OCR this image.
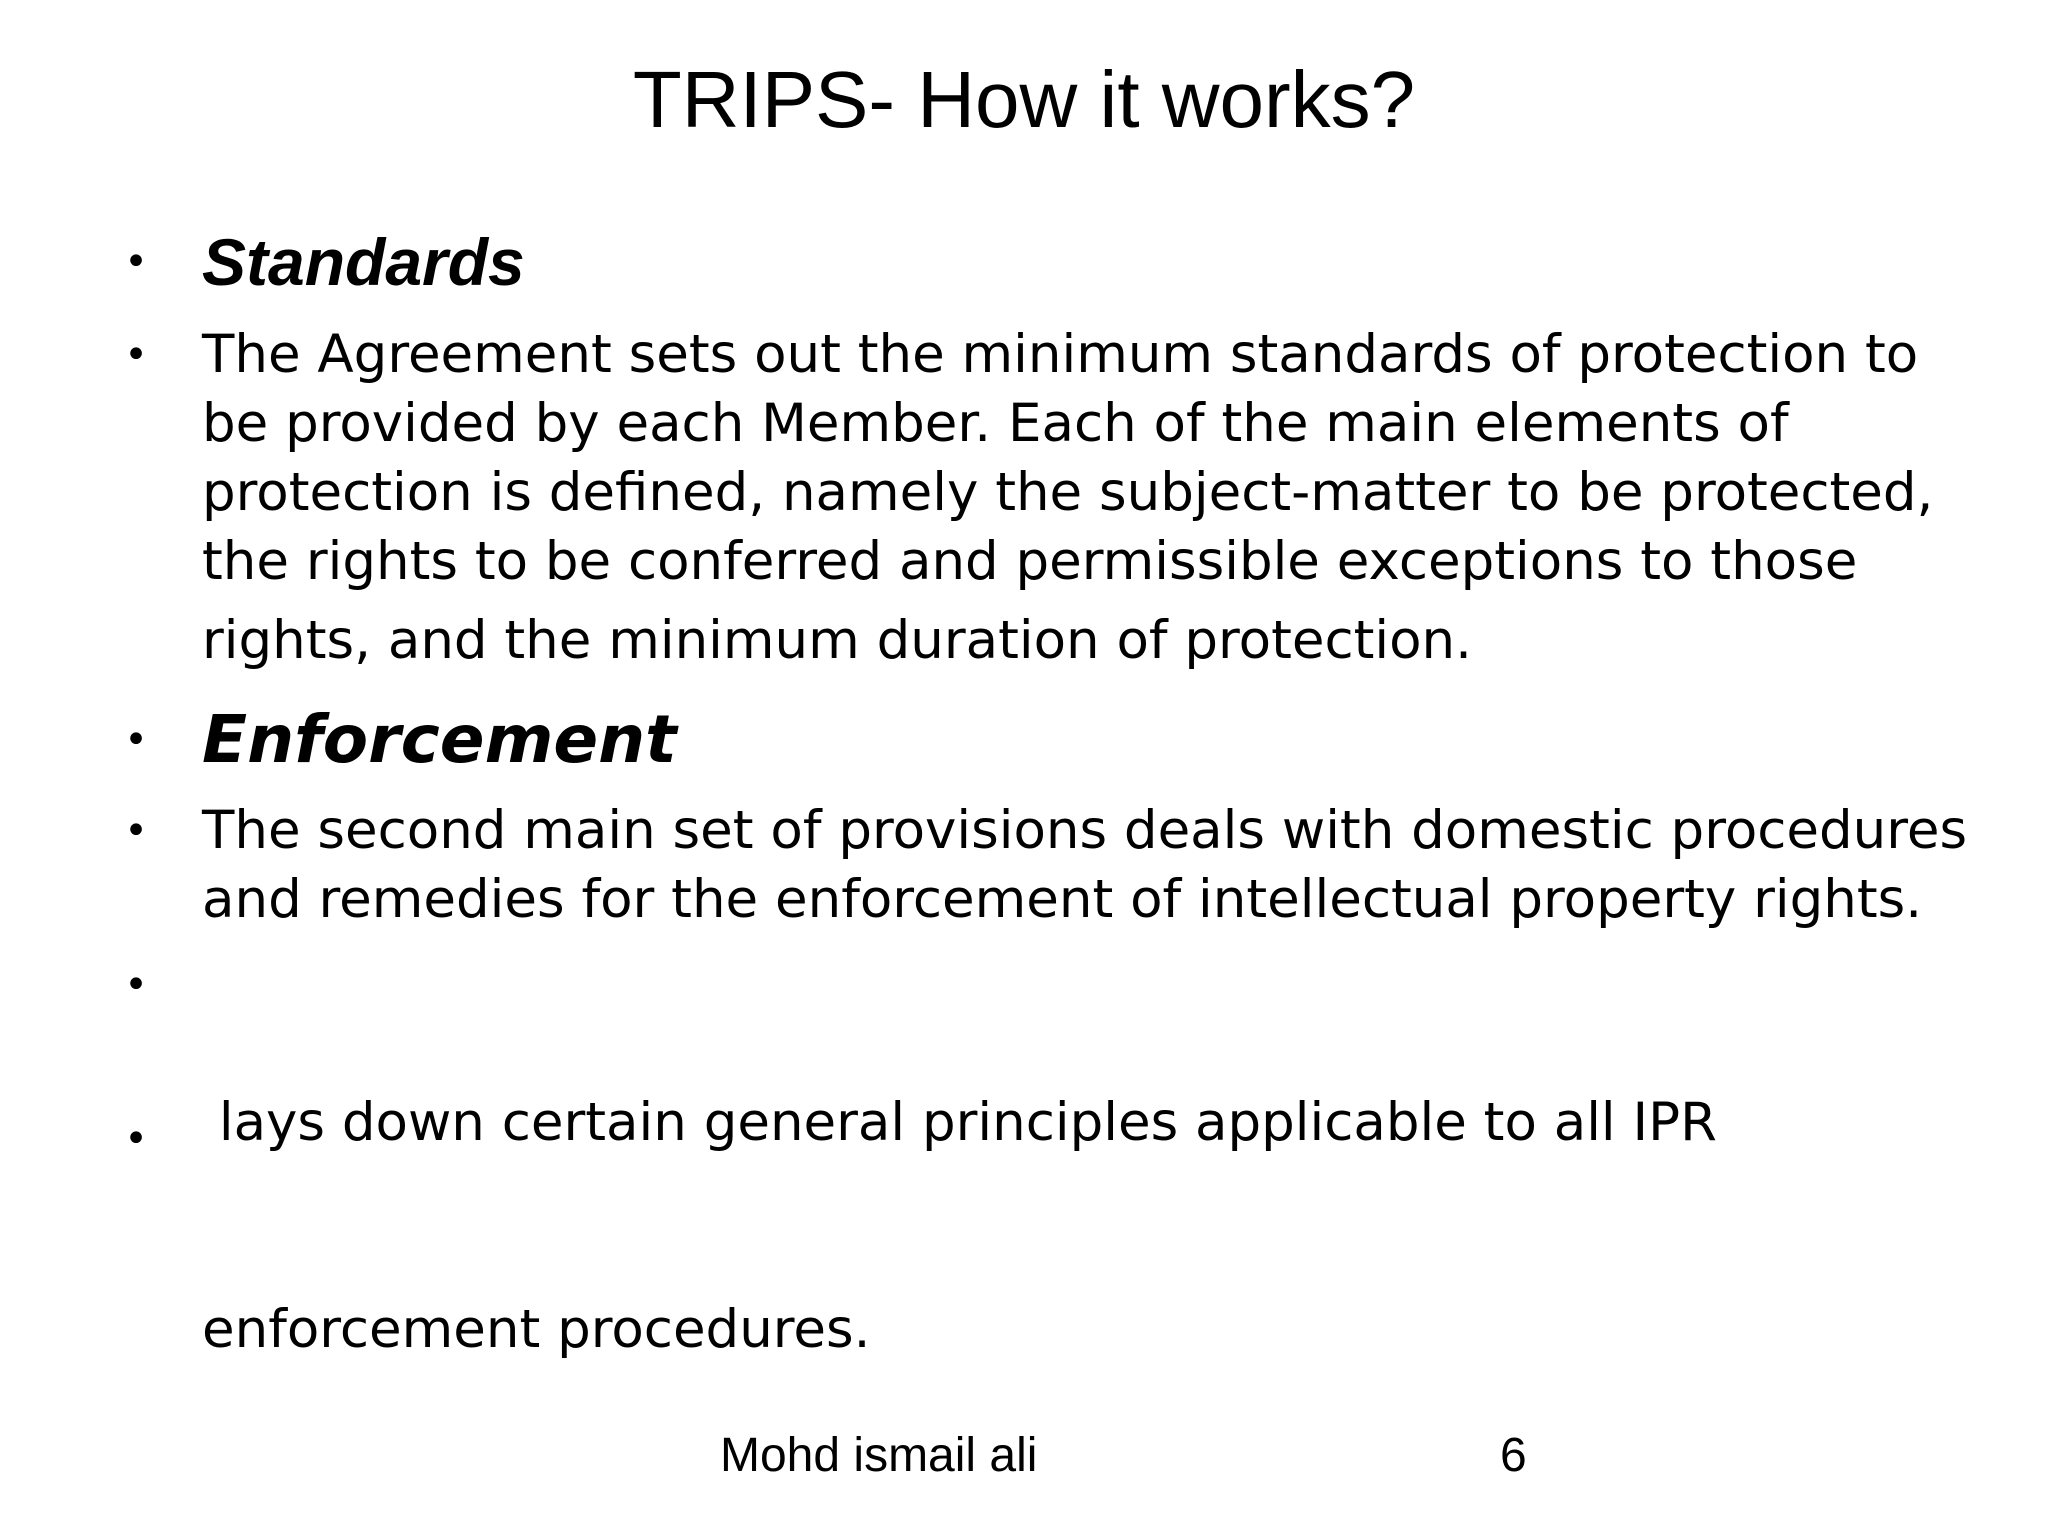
TRIPS- How it works?
• Standards
• The Agreement sets out the minimum standards of protection to
be provided by each Member. Each of the main elements of
protection is defined, namely the subject-matter to be protected,
the rights to be conferred and permissible exceptions to those
rights, and the minimum duration of protection.
• Enforcement
• The second main set of provisions deals with domestic procedures
and remedies for the enforcement of intellectual property rights.
•

lays down certain general principles applicable to all IPR

enforcement procedures.

•
Mohd ismail ali	6
